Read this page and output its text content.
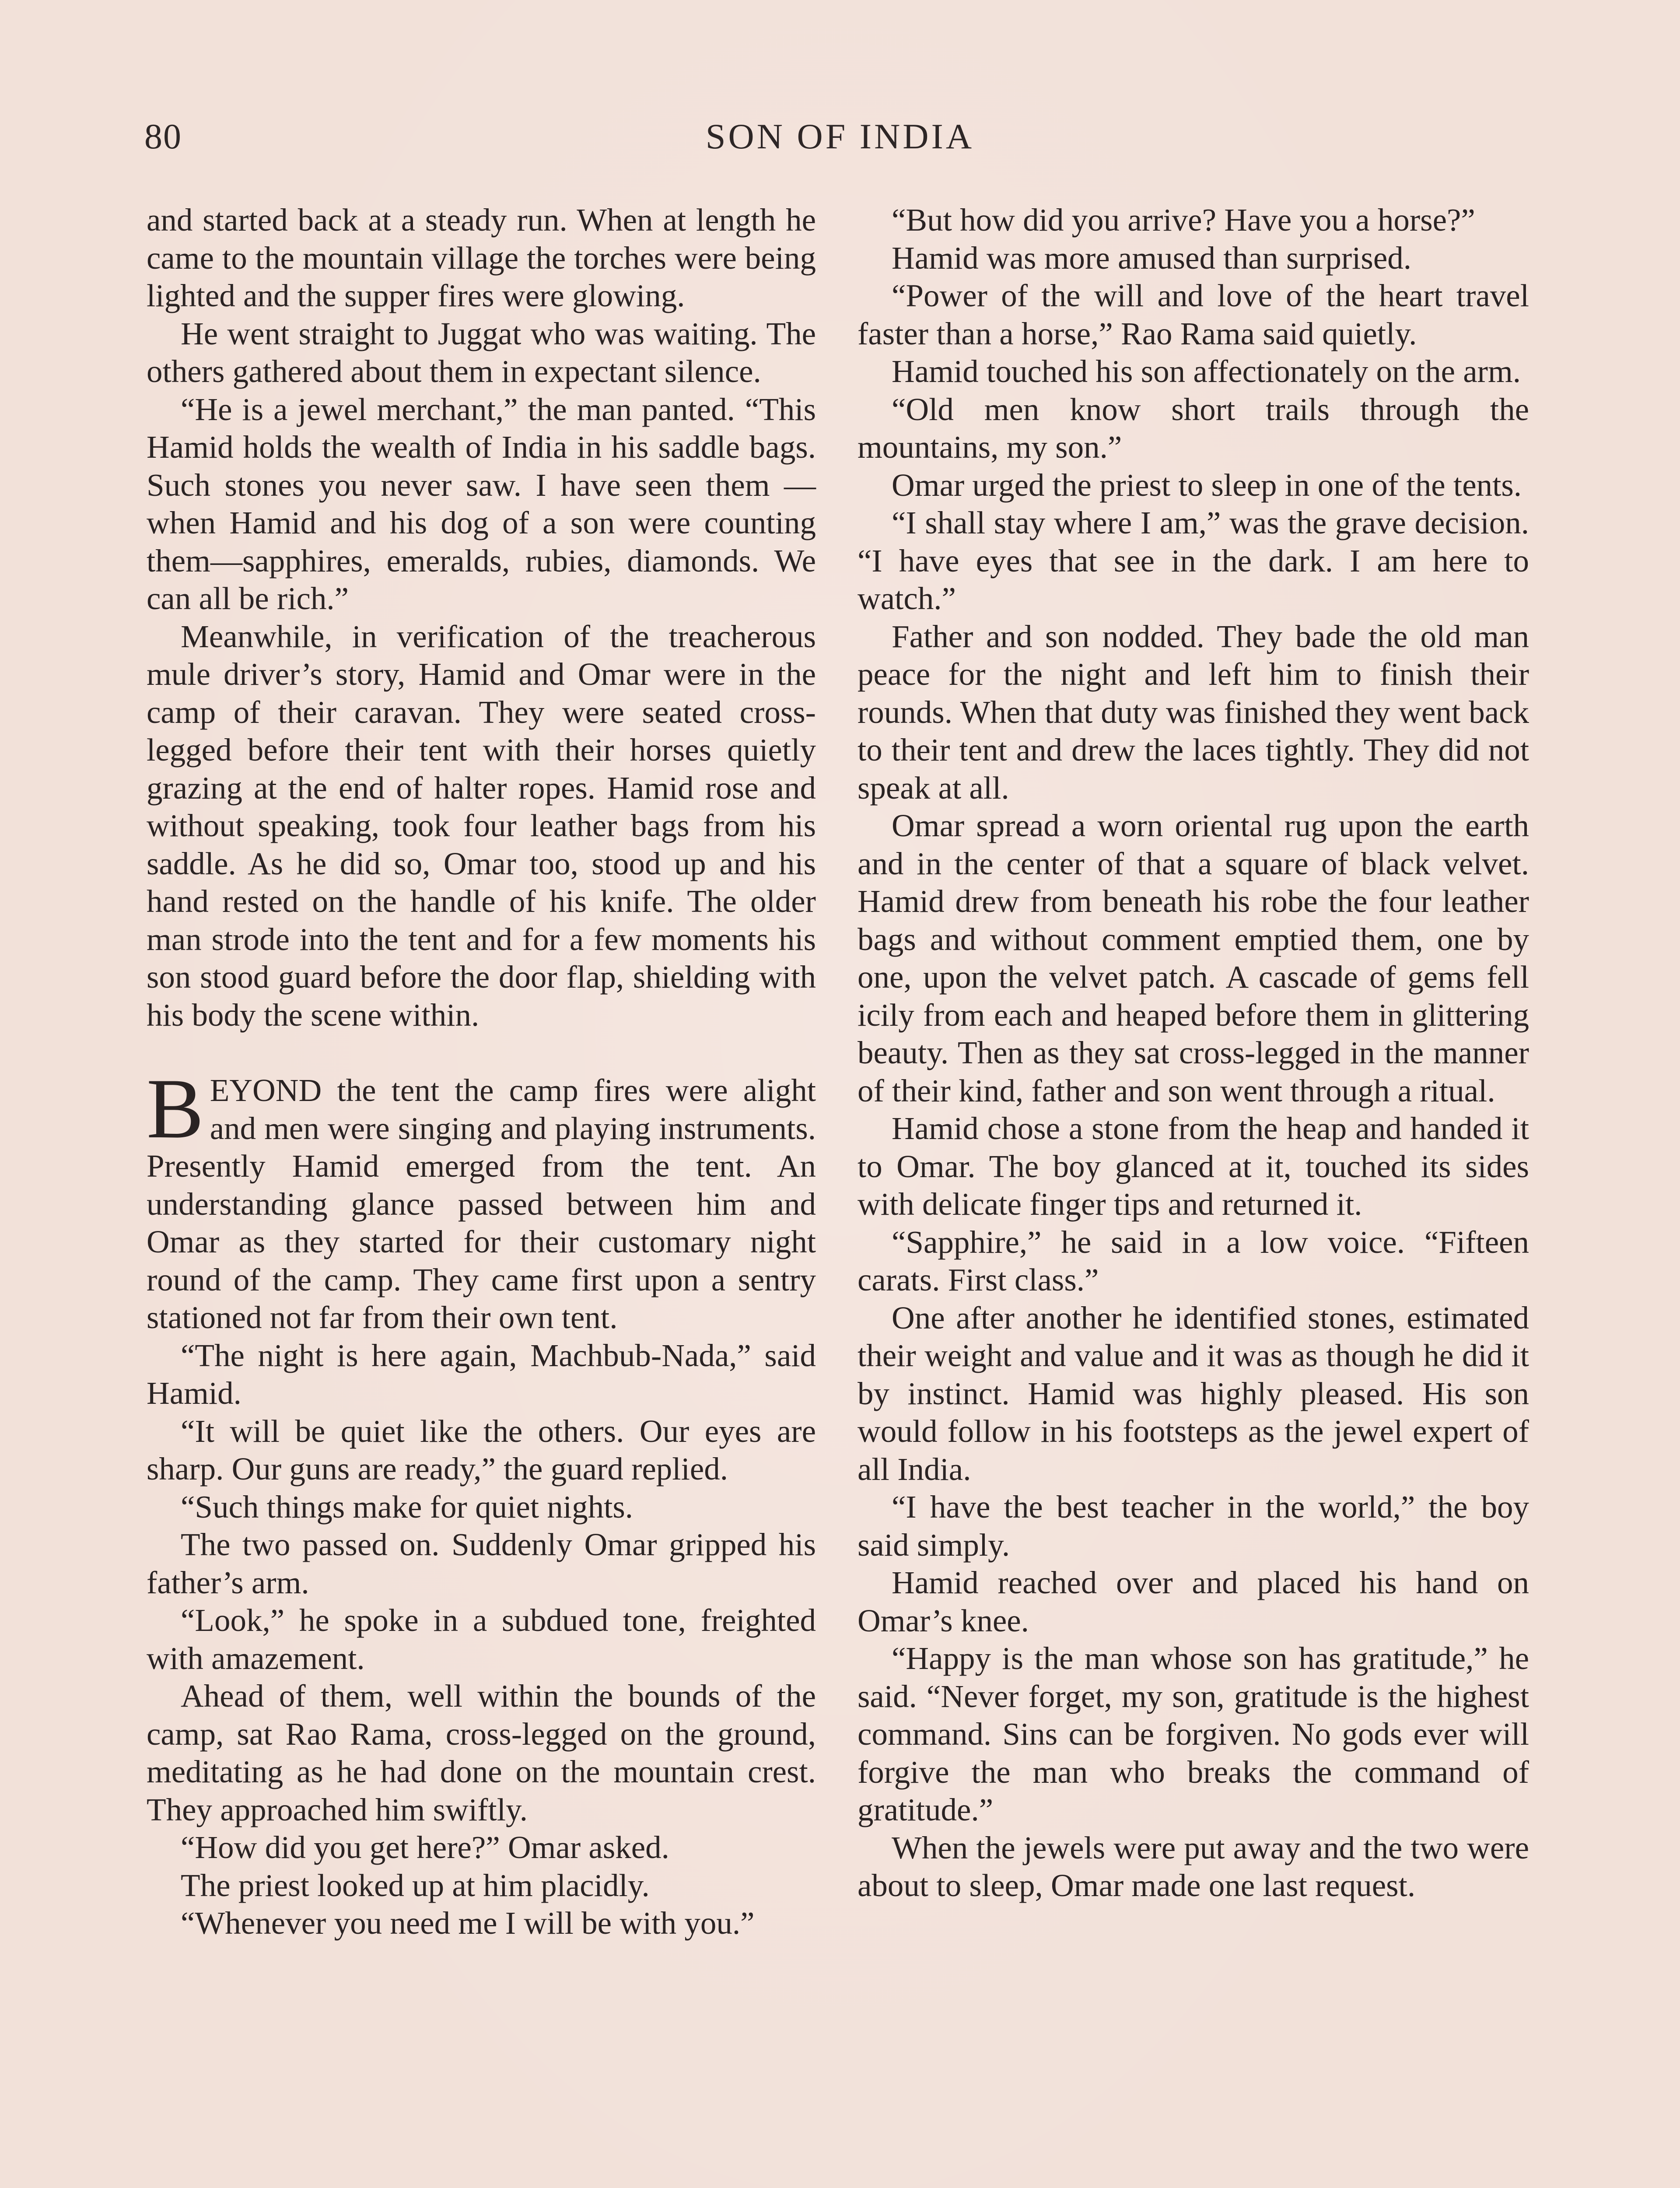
80	SON OF INDIA

and started back at a steady run. When at length he came to the mountain village the torches were being lighted and the supper fires were glowing.

He went straight to Juggat who was waiting. The others gathered about them in expectant silence.

“He is a jewel merchant,” the man panted. “This Hamid holds the wealth of India in his saddle bags. Such stones you never saw. I have seen them —when Hamid and his dog of a son were counting them—sapphires, emeralds, rubies, diamonds. We can all be rich.”

Meanwhile, in verification of the treacherous mule driver’s story, Hamid and Omar were in the camp of their caravan. They were seated cross-legged before their tent with their horses quietly grazing at the end of halter ropes. Hamid rose and without speaking, took four leather bags from his saddle. As he did so, Omar too, stood up and his hand rested on the handle of his knife. The older man strode into the tent and for a few moments his son stood guard before the door flap, shielding with his body the scene within.

BEYOND the tent the camp fires were alight and men were singing and playing instruments. Presently Hamid emerged from the tent. An understanding glance passed between him and Omar as they started for their customary night round of the camp. They came first upon a sentry stationed not far from their own tent.

“The night is here again, Machbub-Nada,” said Hamid.

“It will be quiet like the others. Our eyes are sharp. Our guns are ready,” the guard replied.

“Such things make for quiet nights.

The two passed on. Suddenly Omar gripped his father’s arm.

“Look,” he spoke in a subdued tone, freighted with amazement.

Ahead of them, well within the bounds of the camp, sat Rao Rama, cross-legged on the ground, meditating as he had done on the mountain crest. They approached him swiftly.

“How did you get here?” Omar asked.

The priest looked up at him placidly.

“Whenever you need me I will be with you.”

“But how did you arrive? Have you a horse?”

Hamid was more amused than surprised.

“Power of the will and love of the heart travel faster than a horse,” Rao Rama said quietly.

Hamid touched his son affectionately on the arm.

“Old men know short trails through the mountains, my son.”

Omar urged the priest to sleep in one of the tents.

“I shall stay where I am,” was the grave decision. “I have eyes that see in the dark. I am here to watch.”

Father and son nodded. They bade the old man peace for the night and left him to finish their rounds. When that duty was finished they went back to their tent and drew the laces tightly. They did not speak at all.

Omar spread a worn oriental rug upon the earth and in the center of that a square of black velvet. Hamid drew from beneath his robe the four leather bags and without comment emptied them, one by one, upon the velvet patch. A cascade of gems fell icily from each and heaped before them in glittering beauty. Then as they sat cross-legged in the manner of their kind, father and son went through a ritual.

Hamid chose a stone from the heap and handed it to Omar. The boy glanced at it, touched its sides with delicate finger tips and returned it.

“Sapphire,” he said in a low voice. “Fifteen carats. First class.”

One after another he identified stones, estimated their weight and value and it was as though he did it by instinct. Hamid was highly pleased. His son would follow in his footsteps as the jewel expert of all India.

“I have the best teacher in the world,” the boy said simply.

Hamid reached over and placed his hand on Omar’s knee.

“Happy is the man whose son has gratitude,” he said. “Never forget, my son, gratitude is the highest command. Sins can be forgiven. No gods ever will forgive the man who breaks the command of gratitude.”

When the jewels were put away and the two were about to sleep, Omar made one last request.
